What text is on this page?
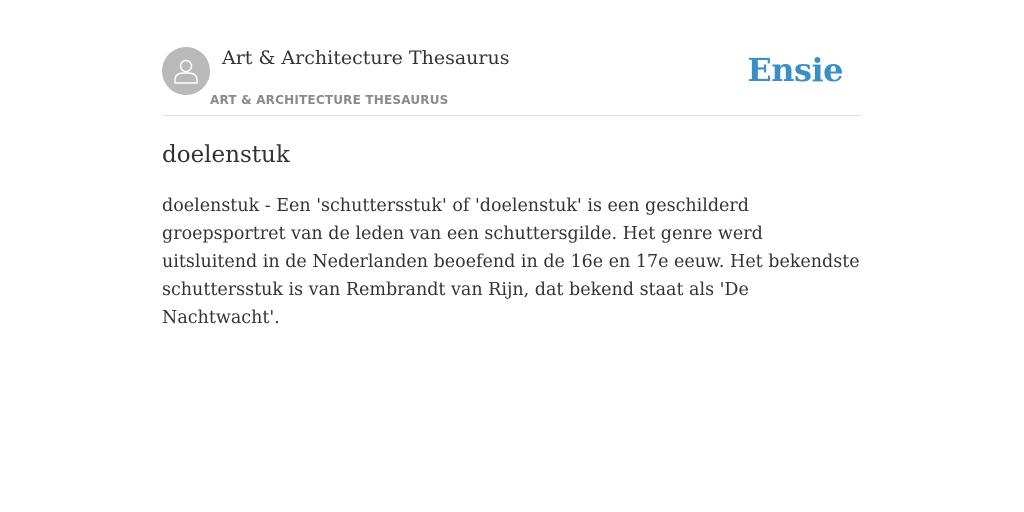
Art & Architecture Thesaurus
ART & ARCHITECTURE THESAURUS
Ensie
doelenstuk

doelenstuk - Een 'schuttersstuk' of 'doelenstuk' is een geschilderd groepsportret van de leden van een schuttersgilde. Het genre werd uitsluitend in de Nederlanden beoefend in de 16e en 17e eeuw. Het bekendste schuttersstuk is van Rembrandt van Rijn, dat bekend staat als 'De Nachtwacht'.
